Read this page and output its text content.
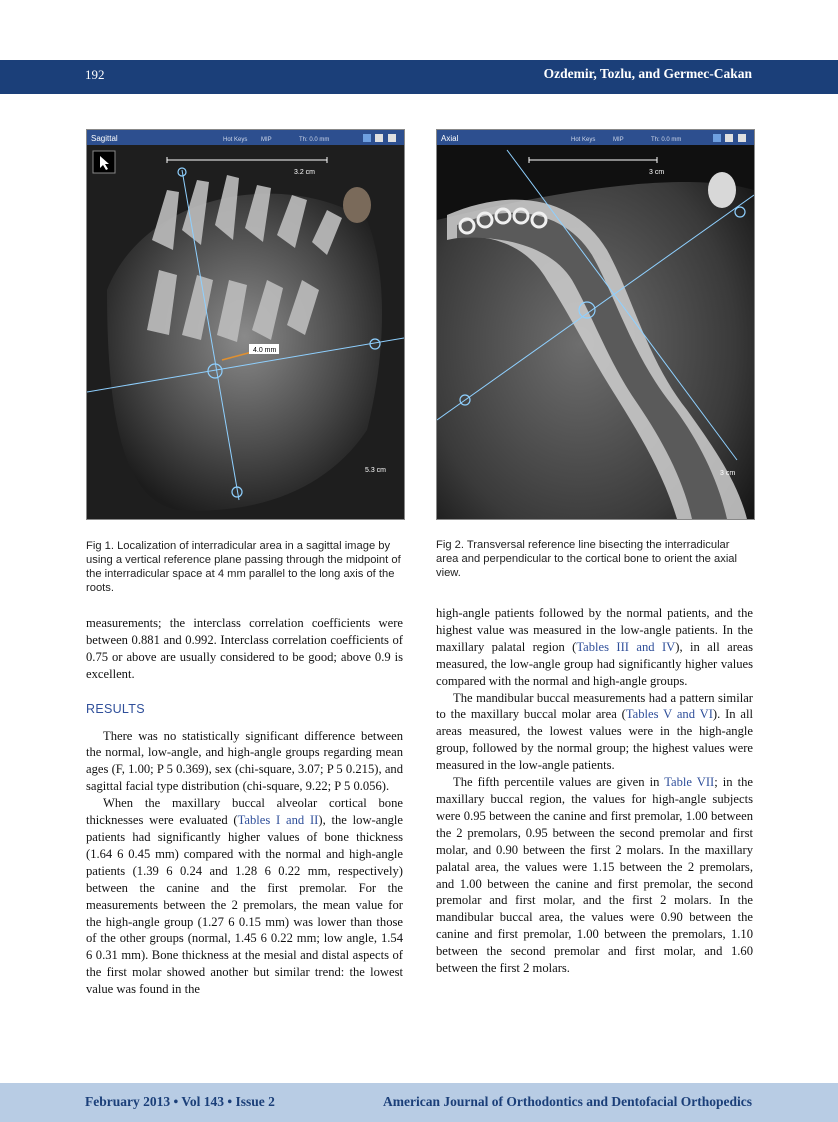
192	Ozdemir, Tozlu, and Germec-Cakan
Sagittal	Hot Keys MIP	Th: 0.0 mm
3.2 cm
4.0 mm
5.3 cm
Fig 1. Localization of interradicular area in a sagittal image by using a vertical reference plane passing through the midpoint of the interradicular space at 4 mm parallel to the long axis of the roots.
Axial	Hot Keys	MIP	Th: 0.0 mm
3 cm
3 cm
Fig 2. Transversal reference line bisecting the interradicular area and perpendicular to the cortical bone to orient the axial view.

measurements; the interclass correlation coefficients were between 0.881 and 0.992. Interclass correlation coefficients of 0.75 or above are usually considered to be good; above 0.9 is excellent.

RESULTS

There was no statistically significant difference between the normal, low-angle, and high-angle groups regarding mean ages (F, 1.00; P 5 0.369), sex (chi-square, 3.07; P 5 0.215), and sagittal facial type distribution (chi-square, 9.22; P 5 0.056).

When the maxillary buccal alveolar cortical bone thicknesses were evaluated (Tables I and II), the low-angle patients had significantly higher values of bone thickness (1.64 6 0.45 mm) compared with the normal and high-angle patients (1.39 6 0.24 and 1.28 6 0.22 mm, respectively) between the canine and the first premolar. For the measurements between the 2 premolars, the mean value for the high-angle group (1.27 6 0.15 mm) was lower than those of the other groups (normal, 1.45 6 0.22 mm; low angle, 1.54 6 0.31 mm). Bone thickness at the mesial and distal aspects of the first molar showed another but similar trend: the lowest value was found in the

high-angle patients followed by the normal patients, and the highest value was measured in the low-angle patients. In the maxillary palatal region (Tables III and IV), in all areas measured, the low-angle group had significantly higher values compared with the normal and high-angle groups.

The mandibular buccal measurements had a pattern similar to the maxillary buccal molar area (Tables V and VI). In all areas measured, the lowest values were in the high-angle group, followed by the normal group; the highest values were measured in the low-angle patients.

The fifth percentile values are given in Table VII; in the maxillary buccal region, the values for high-angle subjects were 0.95 between the canine and first premolar, 1.00 between the 2 premolars, 0.95 between the second premolar and first molar, and 0.90 between the first 2 molars. In the maxillary palatal area, the values were 1.15 between the 2 premolars, and 1.00 between the canine and first premolar, the second premolar and first molar, and the first 2 molars. In the mandibular buccal area, the values were 0.90 between the canine and first premolar, 1.00 between the premolars, 1.10 between the second premolar and first molar, and 1.60 between the first 2 molars.

February 2013 • Vol 143 • Issue 2	American Journal of Orthodontics and Dentofacial Orthopedics
